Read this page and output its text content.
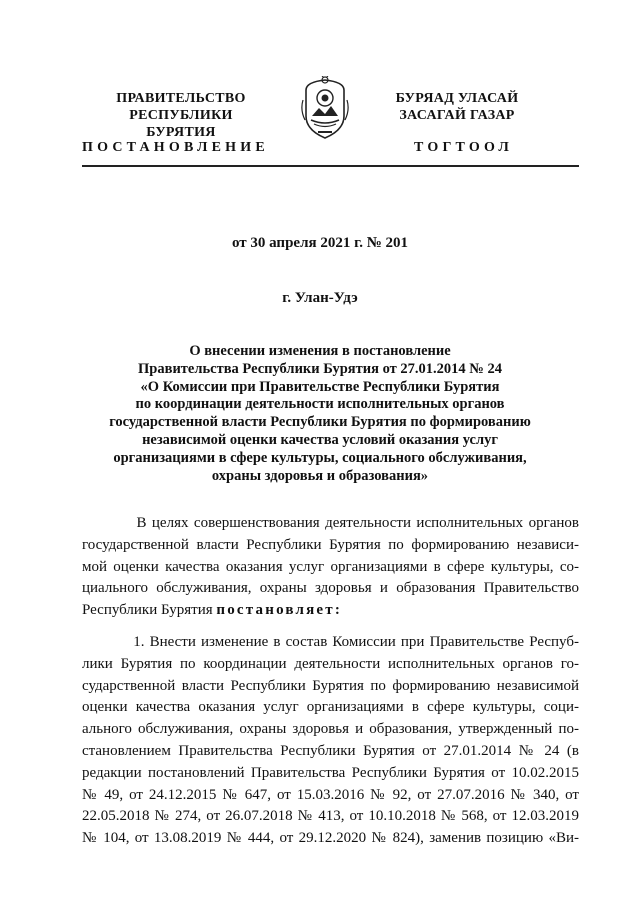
ПРАВИТЕЛЬСТВО
РЕСПУБЛИКИ БУРЯТИЯ
БУРЯАД УЛАСАЙ
ЗАСАГАЙ ГАЗАР
ПОСТАНОВЛЕНИЕ	ТОГТООЛ
от 30 апреля 2021 г. № 201
г. Улан-Удэ
О внесении изменения в постановление
Правительства Республики Бурятия от 27.01.2014 № 24
«О Комиссии при Правительстве Республики Бурятия
по координации деятельности исполнительных органов
государственной власти Республики Бурятия по формированию
независимой оценки качества условий оказания услуг
организациями в сфере культуры, социального обслуживания,
охраны здоровья и образования»
В целях совершенствования деятельности исполнительных органов
государственной власти Республики Бурятия по формированию независи-
мой оценки качества оказания услуг организациями в сфере культуры, со-
циального обслуживания, охраны здоровья и образования Правительство
Республики Бурятия постановляет:
1. Внести изменение в состав Комиссии при Правительстве Респуб-
лики Бурятия по координации деятельности исполнительных органов го-
сударственной власти Республики Бурятия по формированию независимой
оценки качества оказания услуг организациями в сфере культуры, соци-
ального обслуживания, охраны здоровья и образования, утвержденный по-
становлением Правительства Республики Бурятия от 27.01.2014 № 24 (в
редакции постановлений Правительства Республики Бурятия от 10.02.2015
№ 49, от 24.12.2015 № 647, от 15.03.2016 № 92, от 27.07.2016 № 340, от
22.05.2018 № 274, от 26.07.2018 № 413, от 10.10.2018 № 568, от 12.03.2019
№ 104, от 13.08.2019 № 444, от 29.12.2020 № 824), заменив позицию «Ви-
